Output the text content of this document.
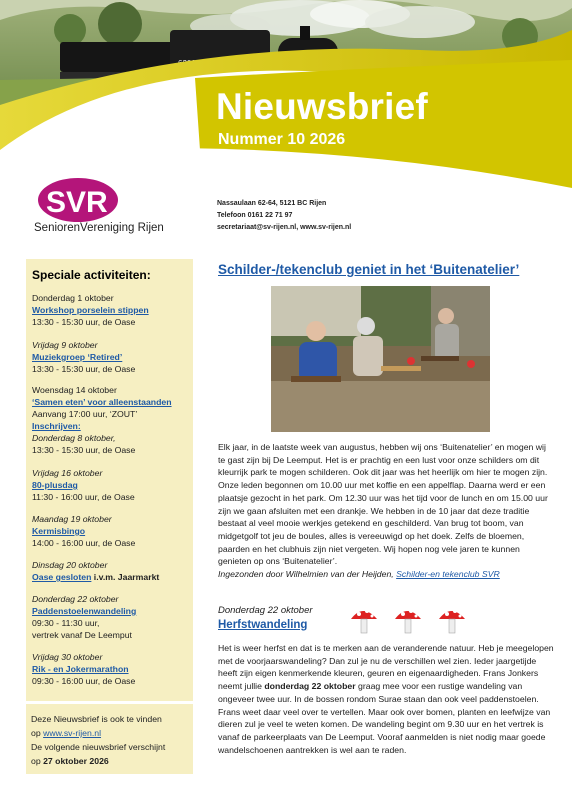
Nieuwsbrief
Nummer 10 2026
SVR
SeniorenVereniging Rijen
Nassaulaan 62-64, 5121 BC Rijen
Telefoon 0161 22 71 97
secretariaat@sv-rijen.nl, www.sv-rijen.nl
Speciale activiteiten:
Donderdag 1 oktober
Workshop porselein stippen
13:30 - 15:30 uur, de Oase
Vrijdag 9 oktober
Muziekgroep ‘Retired’
13:30 - 15:30 uur, de Oase
Woensdag 14 oktober
‘Samen eten’ voor alleenstaanden
Aanvang 17:00 uur, ‘ZOUT’
Inschrijven:
Donderdag 8 oktober,
13:30 - 15:30 uur, de Oase
Vrijdag 16 oktober
80-plusdag
11:30 - 16:00 uur, de Oase
Maandag 19 oktober
Kermisbingo
14:00 - 16:00 uur, de Oase
Dinsdag 20 oktober
Oase gesloten i.v.m. Jaarmarkt
Donderdag 22 oktober
Paddenstoelenwandeling
09:30 - 11:30 uur,
vertrek vanaf De Leemput
Vrijdag 30 oktober
Rik - en Jokermarathon
09:30 - 16:00 uur, de Oase
Deze Nieuwsbrief is ook te vinden
op www.sv-rijen.nl
De volgende nieuwsbrief verschijnt
op 27 oktober 2026
Schilder-/tekenclub geniet in het ‘Buitenatelier’
Elk jaar, in de laatste week van augustus, hebben wij ons ‘Buitenatelier’ en mogen wij te gast zijn bij De Leemput. Het is er prachtig en een lust voor onze schilders om dit kleurrijk park te mogen schilderen. Ook dit jaar was het heerlijk om hier te mogen zijn. Onze leden begonnen om 10.00 uur met koffie en een appelflap. Daarna werd er een plaatsje gezocht in het park. Om 12.30 uur was het tijd voor de lunch en om 15.00 uur zijn we gaan afsluiten met een drankje. We hebben in de 10 jaar dat deze traditie bestaat al veel mooie werkjes getekend en geschilderd. Van brug tot boom, van midgetgolf tot jeu de boules, alles is vereeuwigd op het doek. Zelfs de bloemen, paarden en het clubhuis zijn niet vergeten. Wij hopen nog vele jaren te kunnen genieten op ons ‘Buitenatelier’.
Ingezonden door Wilhelmien van der Heijden, Schilder-en tekenclub SVR
Donderdag 22 oktober
Herfstwandeling
Het is weer herfst en dat is te merken aan de veranderende natuur. Heb je meegelopen met de voorjaarswandeling? Dan zul je nu de verschillen wel zien. Ieder jaargetijde heeft zijn eigen kenmerkende kleuren, geuren en eigenaardigheden. Frans Jonkers neemt jullie donderdag 22 oktober graag mee voor een rustige wandeling van ongeveer twee uur. In de bossen rondom Surae staan dan ook veel paddenstoelen. Frans weet daar veel over te vertellen. Maar ook over bomen, planten en leefwijze van dieren zul je veel te weten komen. De wandeling begint om 9.30 uur en het vertrek is vanaf de parkeerplaats van De Leemput. Vooraf aanmelden is niet nodig maar goede wandelschoenen aantrekken is wel aan te raden.
